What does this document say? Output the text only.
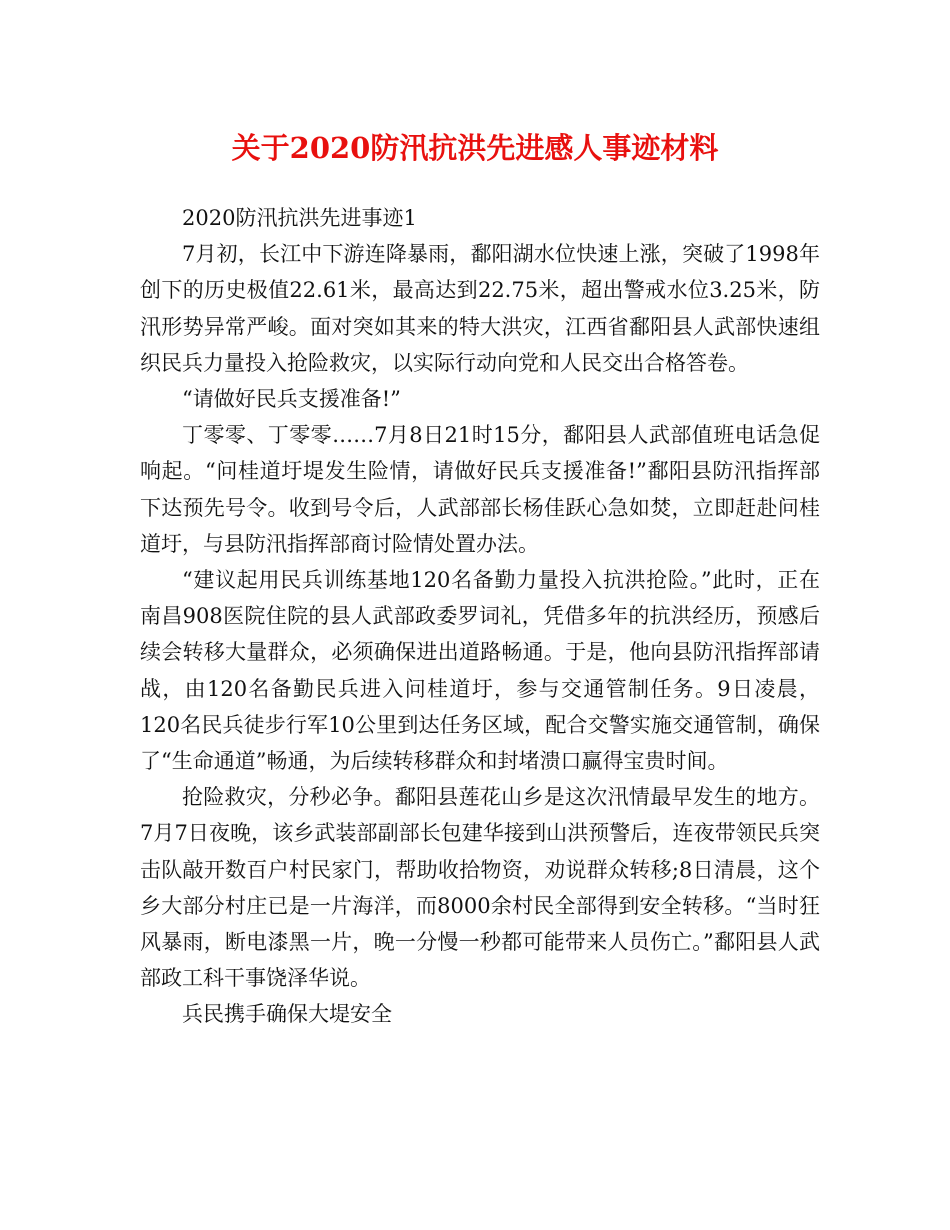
关于2020防汛抗洪先进感人事迹材料

2020防汛抗洪先进事迹1

7月初，长江中下游连降暴雨，鄱阳湖水位快速上涨，突破了1998年创下的历史极值22.61米，最高达到22.75米，超出警戒水位3.25米，防汛形势异常严峻。面对突如其来的特大洪灾，江西省鄱阳县人武部快速组织民兵力量投入抢险救灾，以实际行动向党和人民交出合格答卷。

“请做好民兵支援准备!”

丁零零、丁零零……7月8日21时15分，鄱阳县人武部值班电话急促响起。“问桂道圩堤发生险情，请做好民兵支援准备!”鄱阳县防汛指挥部下达预先号令。收到号令后，人武部部长杨佳跃心急如焚，立即赶赴问桂道圩，与县防汛指挥部商讨险情处置办法。

“建议起用民兵训练基地120名备勤力量投入抗洪抢险。”此时，正在南昌908医院住院的县人武部政委罗词礼，凭借多年的抗洪经历，预感后续会转移大量群众，必须确保进出道路畅通。于是，他向县防汛指挥部请战，由120名备勤民兵进入问桂道圩，参与交通管制任务。9日凌晨，120名民兵徒步行军10公里到达任务区域，配合交警实施交通管制，确保了“生命通道”畅通，为后续转移群众和封堵溃口赢得宝贵时间。

抢险救灾，分秒必争。鄱阳县莲花山乡是这次汛情最早发生的地方。7月7日夜晚，该乡武装部副部长包建华接到山洪预警后，连夜带领民兵突击队敲开数百户村民家门，帮助收拾物资，劝说群众转移;8日清晨，这个乡大部分村庄已是一片海洋，而8000余村民全部得到安全转移。“当时狂风暴雨，断电漆黑一片，晚一分慢一秒都可能带来人员伤亡。”鄱阳县人武部政工科干事饶泽华说。

兵民携手确保大堤安全
